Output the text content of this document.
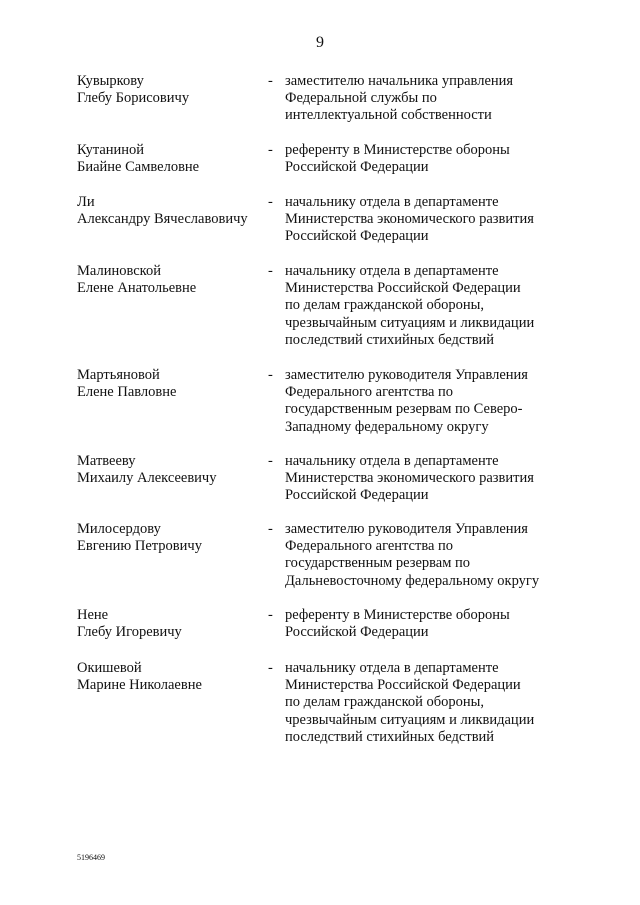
9
Кувыркову
Глебу Борисовичу
- заместителю начальника управления
Федеральной службы по
интеллектуальной собственности
Кутаниной
Биайне Самвеловне
- референту в Министерстве обороны
Российской Федерации
Ли
Александру Вячеславовичу
- начальнику отдела в департаменте
Министерства экономического развития
Российской Федерации
Малиновской
Елене Анатольевне
- начальнику отдела в департаменте
Министерства Российской Федерации
по делам гражданской обороны,
чрезвычайным ситуациям и ликвидации
последствий стихийных бедствий
Мартьяновой
Елене Павловне
- заместителю руководителя Управления
Федерального агентства по
государственным резервам по Северо-
Западному федеральному округу
Матвееву
Михаилу Алексеевичу
- начальнику отдела в департаменте
Министерства экономического развития
Российской Федерации
Милосердову
Евгению Петровичу
- заместителю руководителя Управления
Федерального агентства по
государственным резервам по
Дальневосточному федеральному округу
Нене
Глебу Игоревичу
- референту в Министерстве обороны
Российской Федерации
Окишевой
Марине Николаевне
- начальнику отдела в департаменте
Министерства Российской Федерации
по делам гражданской обороны,
чрезвычайным ситуациям и ликвидации
последствий стихийных бедствий
5196469
